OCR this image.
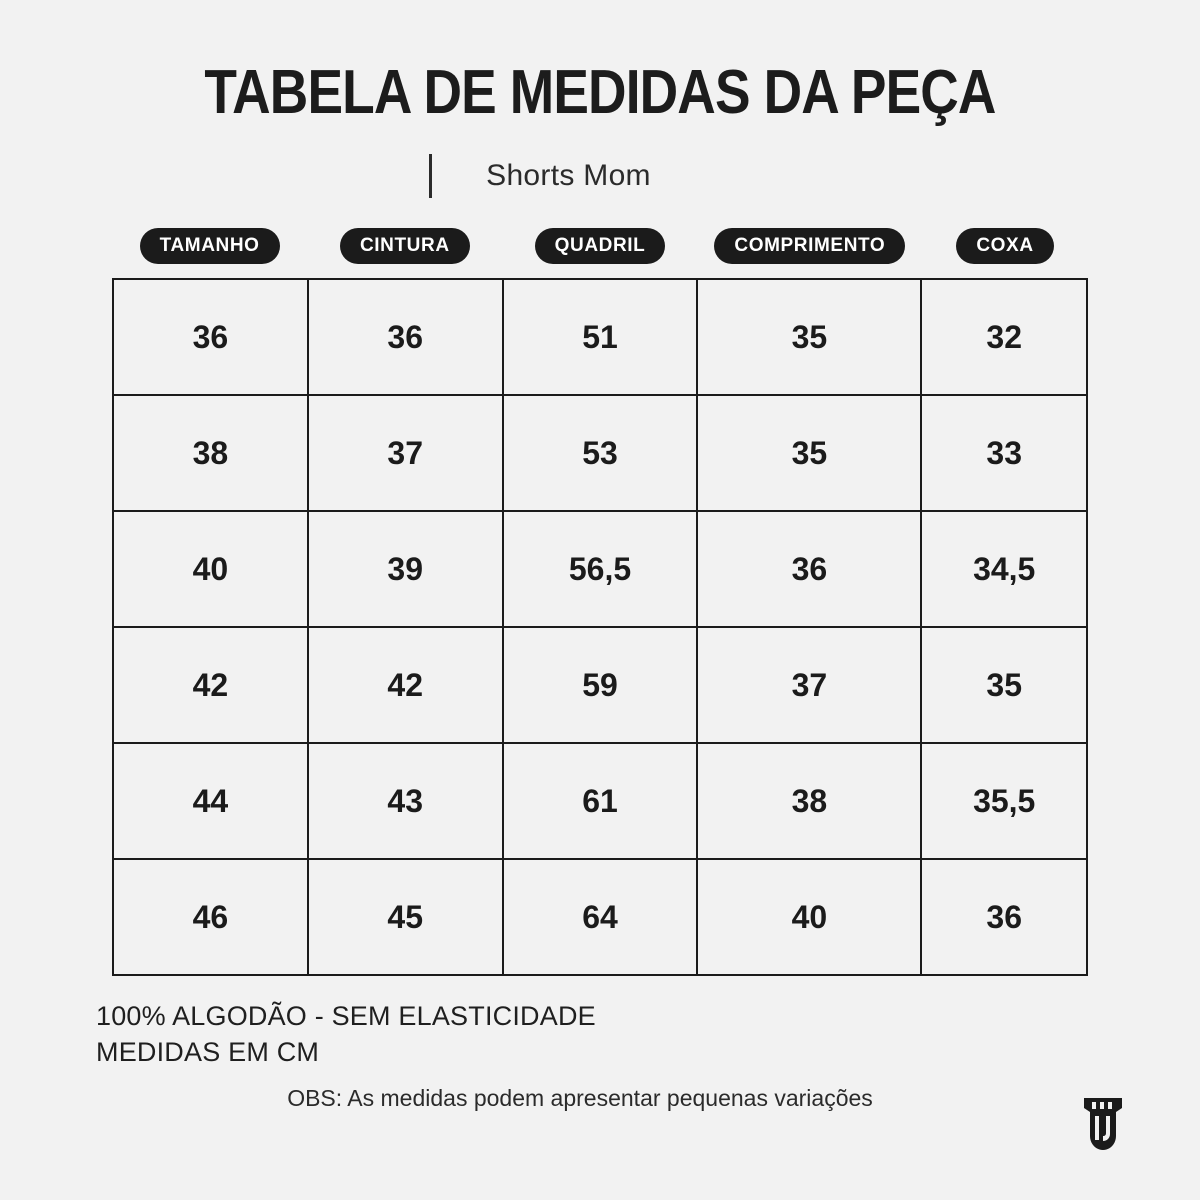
TABELA DE MEDIDAS DA PEÇA
Shorts Mom
TAMANHO	CINTURA	QUADRIL	COMPRIMENTO	COXA
36	36	51	35	32
38	37	53	35	33
40	39	56,5	36	34,5
42	42	59	37	35
44	43	61	38	35,5
46	45	64	40	36
100% ALGODÃO - SEM ELASTICIDADE
MEDIDAS EM CM
OBS: As medidas podem apresentar pequenas variações
